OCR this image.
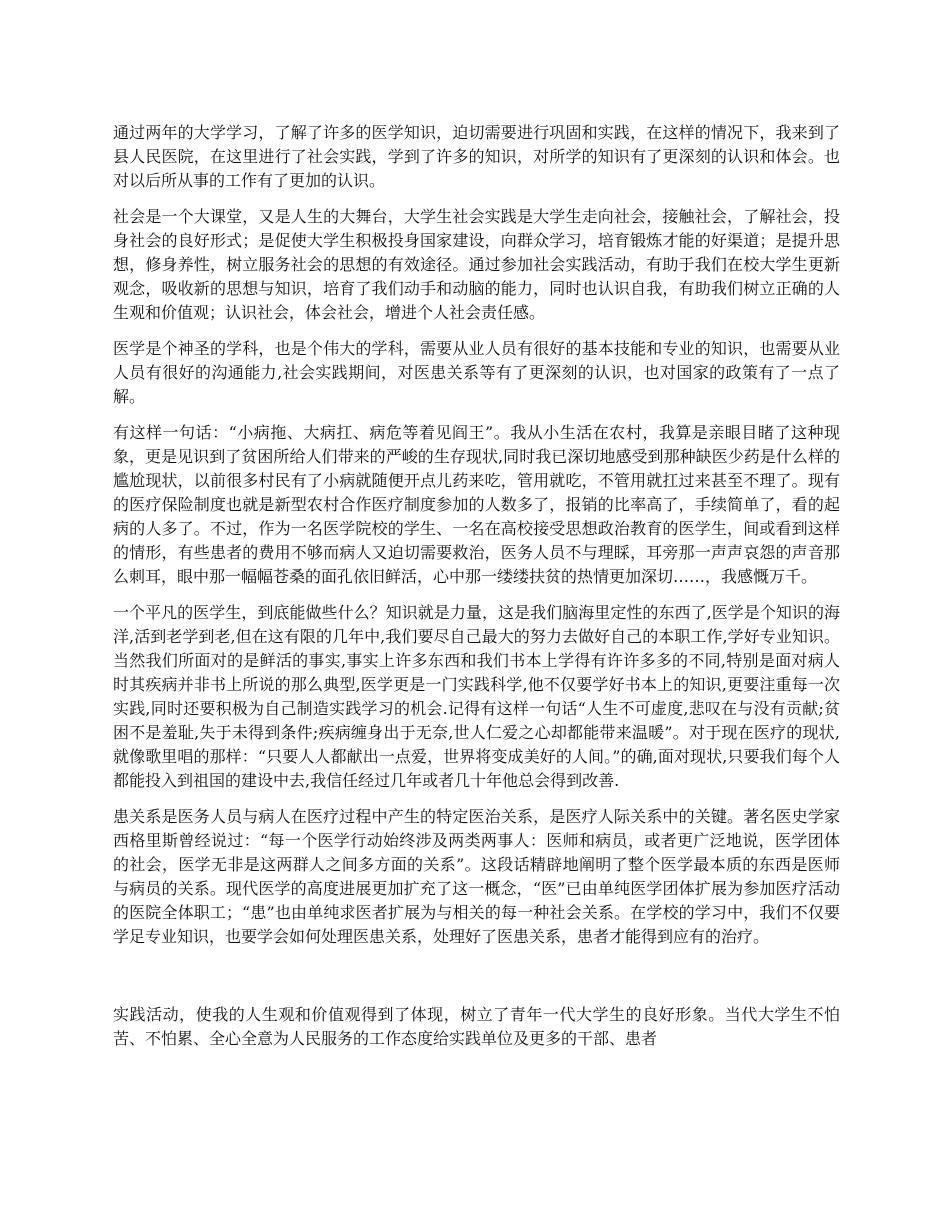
通过两年的大学学习，了解了许多的医学知识，迫切需要进行巩固和实践，在这样的情况下，我来到了县人民医院，在这里进行了社会实践，学到了许多的知识，对所学的知识有了更深刻的认识和体会。也对以后所从事的工作有了更加的认识。

社会是一个大课堂，又是人生的大舞台，大学生社会实践是大学生走向社会，接触社会，了解社会，投身社会的良好形式；是促使大学生积极投身国家建设，向群众学习，培育锻炼才能的好渠道；是提升思想，修身养性，树立服务社会的思想的有效途径。通过参加社会实践活动，有助于我们在校大学生更新观念，吸收新的思想与知识，培育了我们动手和动脑的能力，同时也认识自我，有助我们树立正确的人生观和价值观；认识社会，体会社会，增进个人社会责任感。

医学是个神圣的学科，也是个伟大的学科，需要从业人员有很好的基本技能和专业的知识，也需要从业人员有很好的沟通能力,社会实践期间，对医患关系等有了更深刻的认识，也对国家的政策有了一点了解。

有这样一句话：“小病拖、大病扛、病危等着见阎王”。我从小生活在农村，我算是亲眼目睹了这种现象，更是见识到了贫困所给人们带来的严峻的生存现状,同时我已深切地感受到那种缺医少药是什么样的尴尬现状，以前很多村民有了小病就随便开点儿药来吃，管用就吃，不管用就扛过来甚至不理了。现有的医疗保险制度也就是新型农村合作医疗制度参加的人数多了，报销的比率高了，手续简单了，看的起病的人多了。不过，作为一名医学院校的学生、一名在高校接受思想政治教育的医学生，间或看到这样的情形，有些患者的费用不够而病人又迫切需要救治，医务人员不与理睬，耳旁那一声声哀怨的声音那么刺耳，眼中那一幅幅苍桑的面孔依旧鲜活，心中那一缕缕扶贫的热情更加深切……，我感慨万千。

一个平凡的医学生，到底能做些什么？知识就是力量，这是我们脑海里定性的东西了,医学是个知识的海洋,活到老学到老,但在这有限的几年中,我们要尽自己最大的努力去做好自己的本职工作,学好专业知识。当然我们所面对的是鲜活的事实,事实上许多东西和我们书本上学得有许许多多的不同,特别是面对病人时其疾病并非书上所说的那么典型,医学更是一门实践科学,他不仅要学好书本上的知识,更要注重每一次实践,同时还要积极为自己制造实践学习的机会.记得有这样一句话“人生不可虚度,悲叹在与没有贡献;贫困不是羞耻,失于未得到条件;疾病缠身出于无奈,世人仁爱之心却都能带来温暖”。对于现在医疗的现状,就像歌里唱的那样：“只要人人都献出一点爱，世界将变成美好的人间。”的确,面对现状,只要我们每个人都能投入到祖国的建设中去,我信任经过几年或者几十年他总会得到改善.

患关系是医务人员与病人在医疗过程中产生的特定医治关系，是医疗人际关系中的关键。著名医史学家西格里斯曾经说过：“每一个医学行动始终涉及两类两事人：医师和病员，或者更广泛地说，医学团体的社会，医学无非是这两群人之间多方面的关系”。这段话精辟地阐明了整个医学最本质的东西是医师与病员的关系。现代医学的高度进展更加扩充了这一概念，“医”已由单纯医学团体扩展为参加医疗活动的医院全体职工；“患”也由单纯求医者扩展为与相关的每一种社会关系。在学校的学习中，我们不仅要学足专业知识，也要学会如何处理医患关系，处理好了医患关系，患者才能得到应有的治疗。

实践活动，使我的人生观和价值观得到了体现，树立了青年一代大学生的良好形象。当代大学生不怕苦、不怕累、全心全意为人民服务的工作态度给实践单位及更多的干部、患者
